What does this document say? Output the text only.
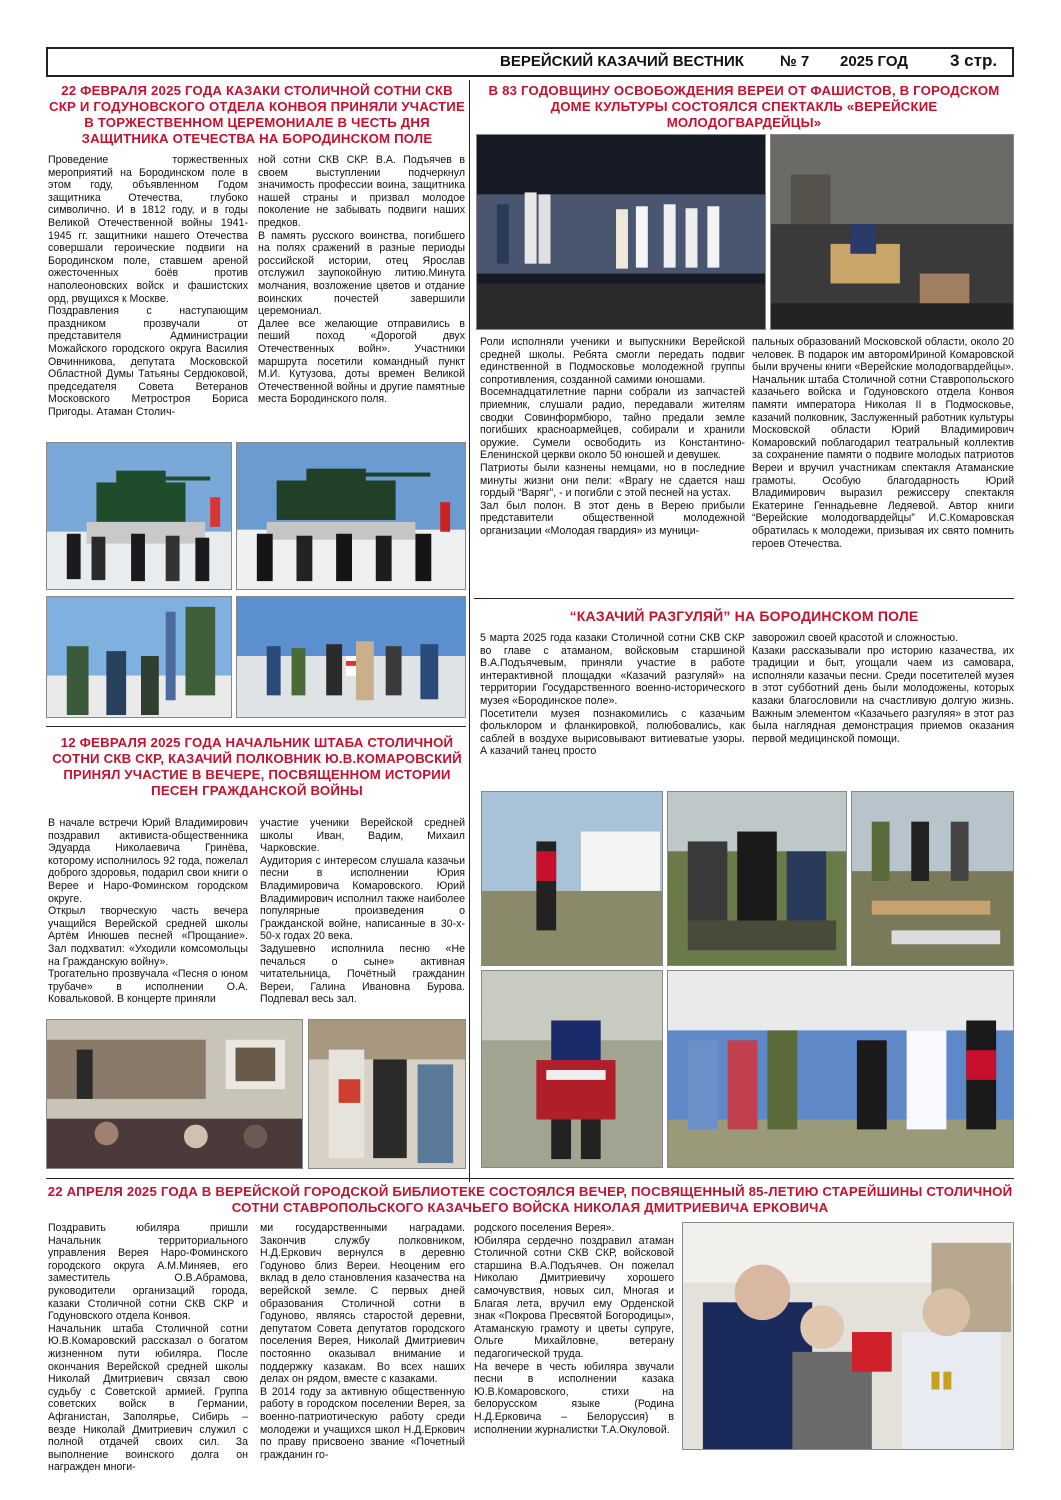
ВЕРЕЙСКИЙ КАЗАЧИЙ ВЕСТНИК № 7 2025 ГОД 3 стр.
22 ФЕВРАЛЯ 2025 ГОДА КАЗАКИ СТОЛИЧНОЙ СОТНИ СКВ СКР И ГОДУНОВСКОГО ОТДЕЛА КОНВОЯ ПРИНЯЛИ УЧАСТИЕ В ТОРЖЕСТВЕННОМ ЦЕРЕМОНИАЛЕ В ЧЕСТЬ ДНЯ ЗАЩИТНИКА ОТЕЧЕСТВА НА БОРОДИНСКОМ ПОЛЕ
Проведение торжественных мероприятий на Бородинском поле в этом году, объявленном Годом защитника Отечества, глубоко символично. И в 1812 году, и в годы Великой Отечественной войны 1941-1945 гг. защитники нашего Отечества совершали героические подвиги на Бородинском поле, ставшем ареной ожесточенных боёв против наполеоновских войск и фашистских орд, рвущихся к Москве.
Поздравления с наступающим праздником прозвучали от представителя Администрации Можайского городского округа Василия Овчинникова, депутата Московской Областной Думы Татьяны Сердюковой, председателя Совета Ветеранов Московского Метростроя Бориса Пригоды. Атаман Столич-
ной сотни СКВ СКР. В.А. Подъячев в своем выступлении подчеркнул значимость профессии воина, защитника нашей страны и призвал молодое поколение не забывать подвиги наших предков.
В память русского воинства, погибшего на полях сражений в разные периоды российской истории, отец Ярослав отслужил заупокойную литию.Минута молчания, возложение цветов и отдание воинских почестей завершили церемониал.
Далее все желающие отправились в пеший поход «Дорогой двух Отечественных войн». Участники маршрута посетили командный пункт М.И. Кутузова, доты времен Великой Отечественной войны и другие памятные места Бородинского поля.
В 83 ГОДОВЩИНУ ОСВОБОЖДЕНИЯ ВЕРЕИ ОТ ФАШИСТОВ, В ГОРОДСКОМ ДОМЕ КУЛЬТУРЫ СОСТОЯЛСЯ СПЕКТАКЛЬ «ВЕРЕЙСКИЕ МОЛОДОГВАРДЕЙЦЫ»
Роли исполняли ученики и выпускники Верейской средней школы. Ребята смогли передать подвиг единственной в Подмосковье молодежной группы сопротивления, созданной самими юношами.
Восемнадцатилетние парни собрали из запчастей приемник, слушали радио, передавали жителям сводки Совинформбюро, тайно предали земле погибших красноармейцев, собирали и хранили оружие. Сумели освободить из Константино-Еленинской церкви около 50 юношей и девушек.
Патриоты были казнены немцами, но в последние минуты жизни они пели: «Врагу не сдается наш гордый “Варяг”, - и погибли с этой песней на устах.
Зал был полон. В этот день в Верею прибыли представители общественной молодежной организации «Молодая гвардия» из муници-
пальных образований Московской области, около 20 человек. В подарок им авторомИриной Комаровской были вручены книги «Верейские молодогвардейцы».
Начальник штаба Столичной сотни Ставропольского казачьего войска и Годуновского отдела Конвоя памяти императора Николая II в Подмосковье, казачий полковник, Заслуженный работник культуры Московской области Юрий Владимирович Комаровский поблагодарил театральный коллектив за сохранение памяти о подвиге молодых патриотов Вереи и вручил участникам спектакля Атаманские грамоты. Особую благодарность Юрий Владимирович выразил режиссеру спектакля Екатерине Геннадьевне Ледяевой. Автор книги “Верейские молодогвардейцы” И.С.Комаровская обратилась к молодежи, призывая их свято помнить героев Отечества.
“КАЗАЧИЙ РАЗГУЛЯЙ” НА БОРОДИНСКОМ ПОЛЕ
5 марта 2025 года казаки Столичной сотни СКВ СКР во главе с атаманом, войсковым старшиной В.А.Подъячевым, приняли участие в работе интерактивной площадки «Казачий разгуляй» на территории Государственного военно-исторического музея «Бородинское поле».
Посетители музея познакомились с казачьим фольклором и фланкировкой, полюбовались, как саблей в воздухе вырисовывают витиеватые узоры. А казачий танец просто
заворожил своей красотой и сложностью.
Казаки рассказывали про историю казачества, их традиции и быт, угощали чаем из самовара, исполняли казачьи песни. Среди посетителей музея в этот субботний день были молодожены, которых казаки благословили на счастливую долгую жизнь. Важным элементом «Казачьего разгуляя» в этот раз была наглядная демонстрация приемов оказания первой медицинской помощи.
12 ФЕВРАЛЯ 2025 ГОДА НАЧАЛЬНИК ШТАБА СТОЛИЧНОЙ СОТНИ СКВ СКР, КАЗАЧИЙ ПОЛКОВНИК Ю.В.КОМАРОВСКИЙ ПРИНЯЛ УЧАСТИЕ В ВЕЧЕРЕ, ПОСВЯЩЕННОМ ИСТОРИИ ПЕСЕН ГРАЖДАНСКОЙ ВОЙНЫ
В начале встречи Юрий Владимирович поздравил активиста-общественника Эдуарда Николаевича Гринёва, которому исполнилось 92 года, пожелал доброго здоровья, подарил свои книги о Верее и Наро-Фоминском городском округе.
Открыл творческую часть вечера учащийся Верейской средней школы Артём Инюшев песней «Прощание». Зал подхватил: «Уходили комсомольцы на Гражданскую войну».
Трогательно прозвучала «Песня о юном трубаче» в исполнении О.А. Ковальковой. В концерте приняли
участие ученики Верейской средней школы Иван, Вадим, Михаил Чарковские.
Аудитория с интересом слушала казачьи песни в исполнении Юрия Владимировича Комаровского. Юрий Владимирович исполнил также наиболее популярные произведения о Гражданской войне, написанные в 30-х- 50-х годах 20 века.
Задушевно исполнила песню «Не печалься о сыне» активная читательница, Почётный гражданин Вереи, Галина Ивановна Бурова. Подпевал весь зал.
22 АПРЕЛЯ 2025 ГОДА В ВЕРЕЙСКОЙ ГОРОДСКОЙ БИБЛИОТЕКЕ СОСТОЯЛСЯ ВЕЧЕР, ПОСВЯЩЕННЫЙ 85-ЛЕТИЮ СТАРЕЙШИНЫ СТОЛИЧНОЙ СОТНИ СТАВРОПОЛЬСКОГО КАЗАЧЬЕГО ВОЙСКА НИКОЛАЯ ДМИТРИЕВИЧА ЕРКОВИЧА
Поздравить юбиляра пришли Начальник территориального управления Верея Наро-Фоминского городского округа А.М.Миняев, его заместитель О.В.Абрамова, руководители организаций города, казаки Столичной сотни СКВ СКР и Годуновского отдела Конвоя.
Начальник штаба Столичной сотни Ю.В.Комаровский рассказал о богатом жизненном пути юбиляра. После окончания Верейской средней школы Николай Дмитриевич связал свою судьбу с Советской армией. Группа советских войск в Германии, Афганистан, Заполярье, Сибирь – везде Николай Дмитриевич служил с полной отдачей своих сил. За выполнение воинского долга он награжден многи-
ми государственными наградами. Закончив службу полковником, Н.Д.Еркович вернулся в деревню Годуново близ Вереи. Неоценим его вклад в дело становления казачества на верейской земле. С первых дней образования Столичной сотни в Годуново, являясь старостой деревни, депутатом Совета депутатов городского поселения Верея, Николай Дмитриевич постоянно оказывал внимание и поддержку казакам. Во всех наших делах он рядом, вместе с казаками.
В 2014 году за активную общественную работу в городском поселении Верея, за военно-патриотическую работу среди молодежи и учащихся школ Н.Д.Еркович по праву присвоено звание «Почетный гражданин го-
родского поселения Верея».
Юбиляра сердечно поздравил атаман Столичной сотни СКВ СКР, войсковой старшина В.А.Подъячев. Он пожелал Николаю Дмитриевичу хорошего самочувствия, новых сил, Многая и Благая лета, вручил ему Орденской знак «Покрова Пресвятой Богородицы», Атаманскую грамоту и цветы супруге, Ольге Михайловне, ветерану педагогической труда.
На вечере в честь юбиляра звучали песни в исполнении казака Ю.В.Комаровского, стихи на белорусском языке (Родина Н.Д.Ерковича – Белоруссия) в исполнении журналистки Т.А.Окуловой.
